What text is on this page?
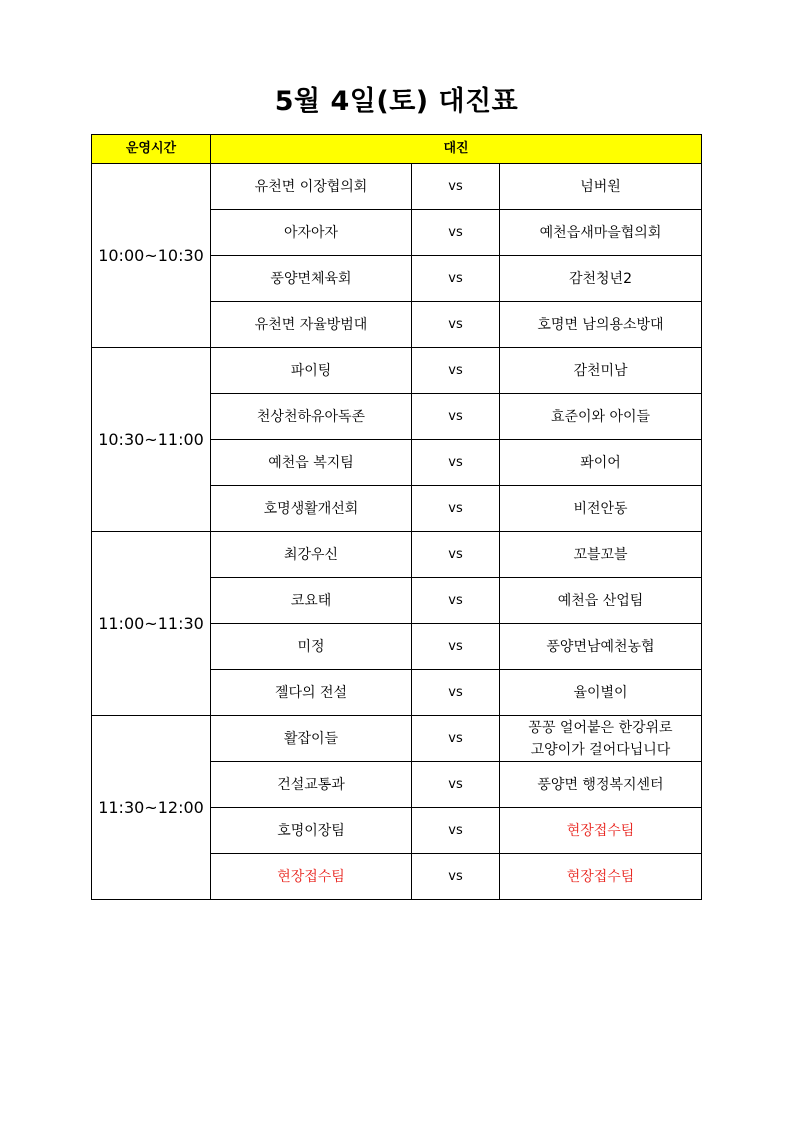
5월 4일(토) 대진표
운영시간	대진		
10:00~10:30	유천면 이장협의회	vs	넘버원
	아자아자	vs	예천읍새마을협의회
	풍양면체육회	vs	감천청년2
	유천면 자율방범대	vs	호명면 남의용소방대
10:30~11:00	파이팅	vs	감천미남
	천상천하유아독존	vs	효준이와 아이들
	예천읍 복지팀	vs	퐈이어
	호명생활개선회	vs	비전안동
11:00~11:30	최강우신	vs	꼬블꼬블
	코요태	vs	예천읍 산업팀
	미정	vs	풍양면남예천농협
	젤다의 전설	vs	율이별이
11:30~12:00	활잡이들	vs	꽁꽁 얼어붙은 한강위로
고양이가 걸어다닙니다

	건설교통과	vs	풍양면 행정복지센터
	호명이장팀	vs	현장접수팀
	현장접수팀	vs	현장접수팀
